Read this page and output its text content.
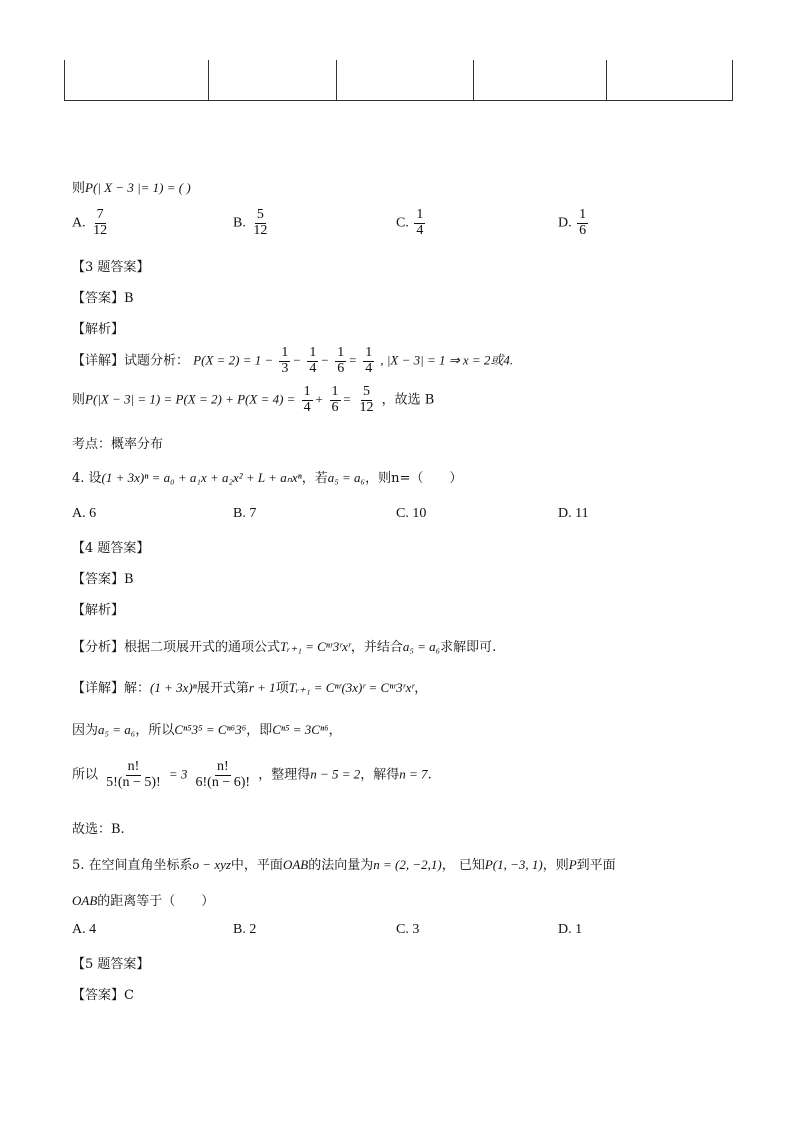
则P(| X − 3 |= 1) = ( )
A. $\frac{7}{12}$	B. $\frac{5}{12}$	C. $\frac{1}{4}$	D. $\frac{1}{6}$
【3 题答案】
【答案】B
【解析】
【详解】试题分析： $P(X = 2) = 1 - \frac{1}{3} - \frac{1}{4} - \frac{1}{6} = \frac{1}{4}$ , |X − 3| = 1 ⇒ x = 2或4.
则$P(|X - 3| = 1) = P(X = 2) + P(X = 4) = \frac{1}{4} + \frac{1}{6} = \frac{5}{12}$ ，故选 B
考点：概率分布
4. 设(1 + 3x)ⁿ = a₀ + a₁x + a₂x² + L + aₙxⁿ，若a₅ = a₆，则n=（　　）
A. 6	B. 7	C. 10	D. 11
【4 题答案】
【答案】B
【解析】
【分析】根据二项展开式的通项公式Tᵣ₊₁ = Cⁿʳ3ʳxʳ，并结合a₅ = a₆求解即可.
【详解】解：(1 + 3x)ⁿ展开式第r + 1项Tᵣ₊₁ = Cⁿʳ(3x)ʳ = Cⁿʳ3ʳxʳ，
因为a₅ = a₆，所以Cⁿ⁵3⁵ = Cⁿ⁶3⁶，即Cⁿ⁵ = 3Cⁿ⁶，
所以 $\frac{n!}{5!(n - 5)!} = 3 \frac{n!}{6!(n - 6)!}$ ，整理得n − 5 = 2，解得n = 7.
故选：B.
5. 在空间直角坐标系o − xyz中，平面OAB的法向量为n = (2, −2,1)， 已知P(1, −3, 1)，则P到平面
OAB的距离等于（　　）
A. 4	B. 2	C. 3	D. 1
【5 题答案】
【答案】C
